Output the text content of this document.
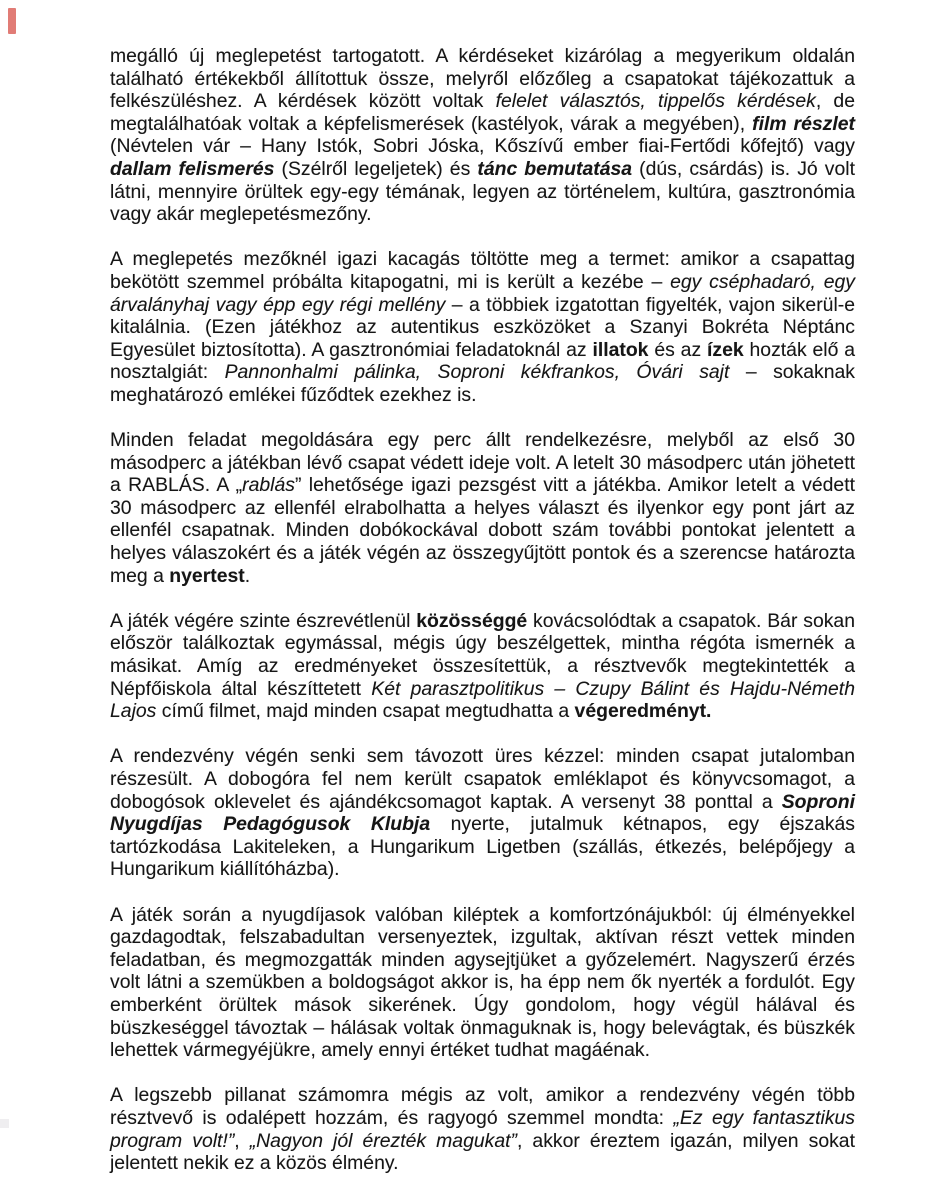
megálló új meglepetést tartogatott. A kérdéseket kizárólag a megyerikum oldalán található értékekből állítottuk össze, melyről előzőleg a csapatokat tájékozattuk a felkészüléshez. A kérdések között voltak felelet választós, tippelős kérdések, de megtalálhatóak voltak a képfelismerések (kastélyok, várak a megyében), film részlet (Névtelen vár – Hany Istók, Sobri Jóska, Kőszívű ember fiai-Fertődi kőfejtő) vagy dallam felismerés (Szélről legeljetek) és tánc bemutatása (dús, csárdás) is. Jó volt látni, mennyire örültek egy-egy témának, legyen az történelem, kultúra, gasztronómia vagy akár meglepetésmezőny.

A meglepetés mezőknél igazi kacagás töltötte meg a termet: amikor a csapattag bekötött szemmel próbálta kitapogatni, mi is került a kezébe – egy cséphadaró, egy árvalányhaj vagy épp egy régi mellény – a többiek izgatottan figyelték, vajon sikerül-e kitalálnia. (Ezen játékhoz az autentikus eszközöket a Szanyi Bokréta Néptánc Egyesület biztosította). A gasztronómiai feladatoknál az illatok és az ízek hozták elő a nosztalgiát: Pannonhalmi pálinka, Soproni kékfrankos, Óvári sajt – sokaknak meghatározó emlékei fűződtek ezekhez is.

Minden feladat megoldására egy perc állt rendelkezésre, melyből az első 30 másodperc a játékban lévő csapat védett ideje volt. A letelt 30 másodperc után jöhetett a RABLÁS. A „rablás” lehetősége igazi pezsgést vitt a játékba. Amikor letelt a védett 30 másodperc az ellenfél elrabolhatta a helyes választ és ilyenkor egy pont járt az ellenfél csapatnak. Minden dobókockával dobott szám további pontokat jelentett a helyes válaszokért és a játék végén az összegyűjtött pontok és a szerencse határozta meg a nyertest.

A játék végére szinte észrevétlenül közösséggé kovácsolódtak a csapatok. Bár sokan először találkoztak egymással, mégis úgy beszélgettek, mintha régóta ismernék a másikat. Amíg az eredményeket összesítettük, a résztvevők megtekintették a Népfőiskola által készíttetett Két parasztpolitikus – Czupy Bálint és Hajdu-Németh Lajos című filmet, majd minden csapat megtudhatta a végeredményt.

A rendezvény végén senki sem távozott üres kézzel: minden csapat jutalomban részesült. A dobogóra fel nem került csapatok emléklapot és könyvcsomagot, a dobogósok oklevelet és ajándékcsomagot kaptak. A versenyt 38 ponttal a Soproni Nyugdíjas Pedagógusok Klubja nyerte, jutalmuk kétnapos, egy éjszakás tartózkodása Lakiteleken, a Hungarikum Ligetben (szállás, étkezés, belépőjegy a Hungarikum kiállítóházba).

A játék során a nyugdíjasok valóban kiléptek a komfortzónájukból: új élményekkel gazdagodtak, felszabadultan versenyeztek, izgultak, aktívan részt vettek minden feladatban, és megmozgatták minden agysejtjüket a győzelemért. Nagyszerű érzés volt látni a szemükben a boldogságot akkor is, ha épp nem ők nyerték a fordulót. Egy emberként örültek mások sikerének. Úgy gondolom, hogy végül hálával és büszkeséggel távoztak – hálásak voltak önmaguknak is, hogy belevágtak, és büszkék lehettek vármegyéjükre, amely ennyi értéket tudhat magáénak.

A legszebb pillanat számomra mégis az volt, amikor a rendezvény végén több résztvevő is odalépett hozzám, és ragyogó szemmel mondta: „Ez egy fantasztikus program volt!”, „Nagyon jól érezték magukat”, akkor éreztem igazán, milyen sokat jelentett nekik ez a közös élmény.
